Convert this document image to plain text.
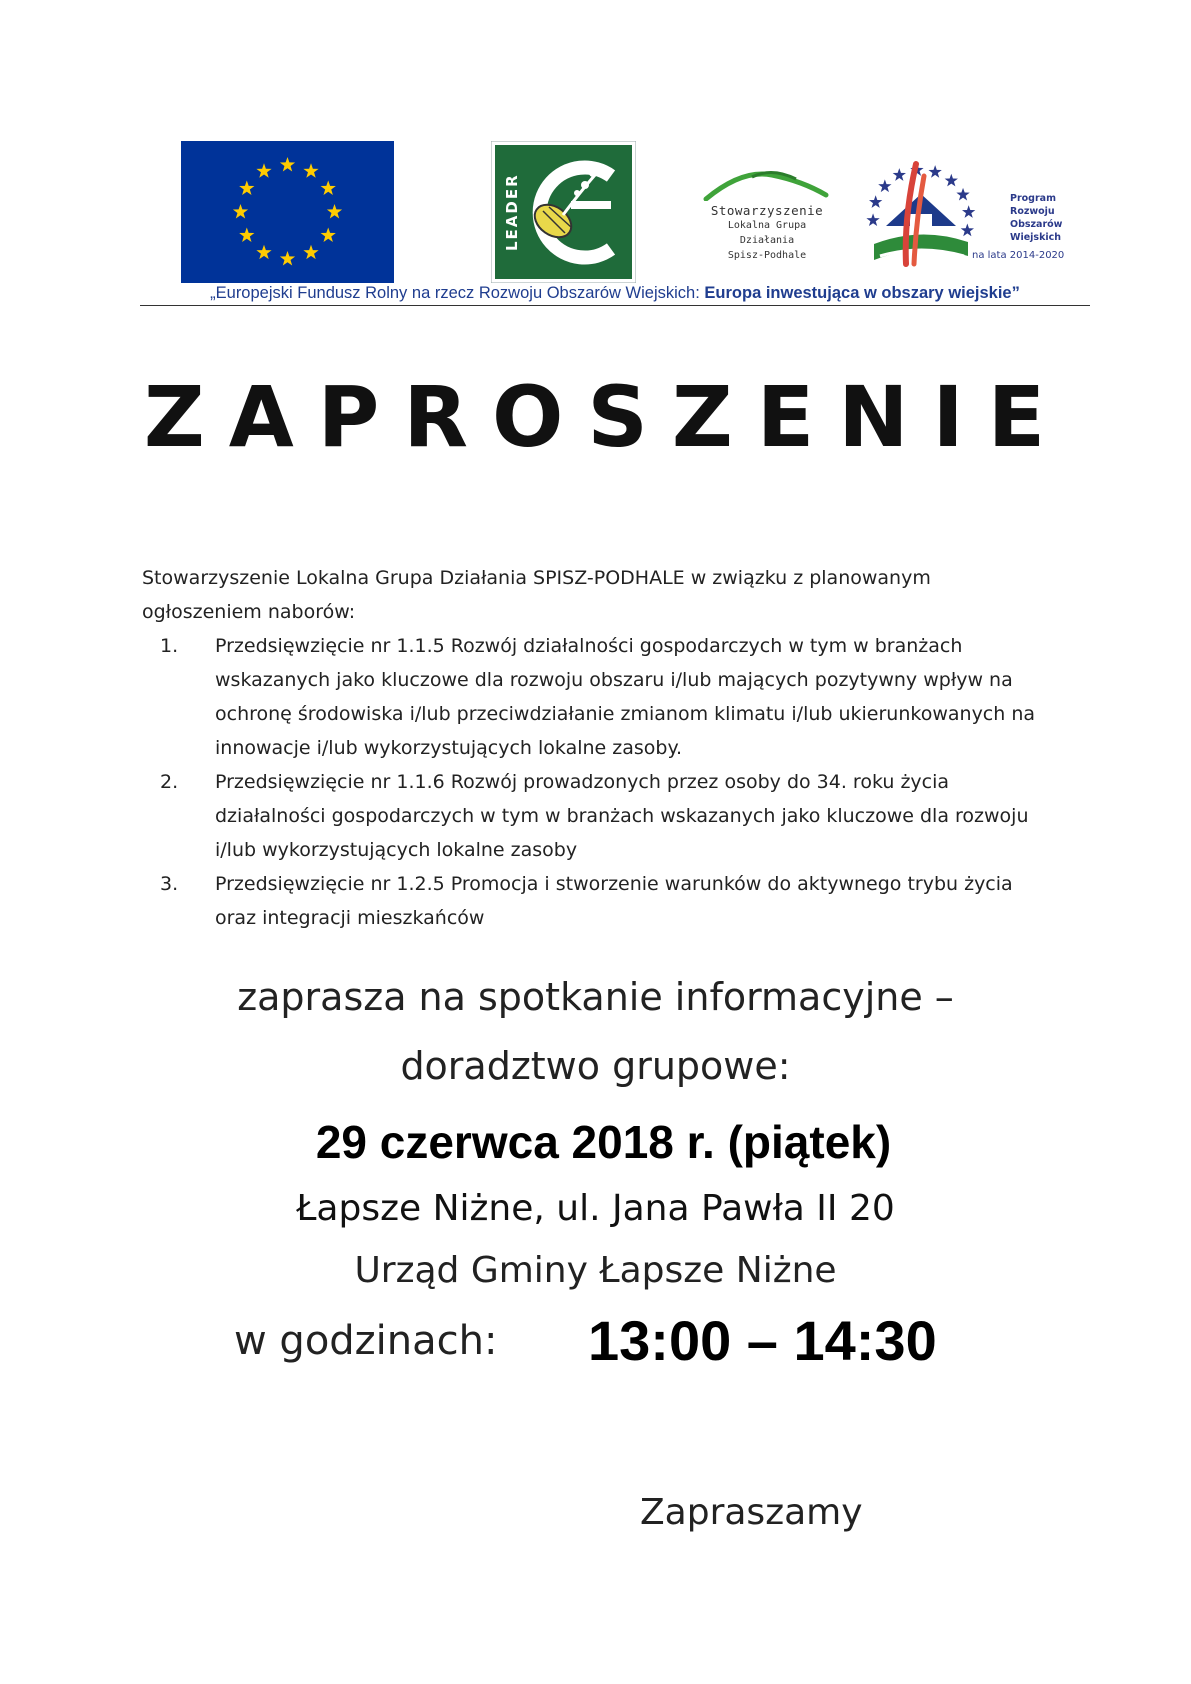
LEADER	Stowarzyszenie
Lokalna Grupa Działania
Spisz-Podhale
Program
Rozwoju
Obszarów
Wiejskich
na lata 2014-2020
„Europejski Fundusz Rolny na rzecz Rozwoju Obszarów Wiejskich: Europa inwestująca w obszary wiejskie”
ZAPROSZENIE
Stowarzyszenie Lokalna Grupa Działania SPISZ-PODHALE w związku z planowanym
ogłoszeniem naborów:
1. Przedsięwzięcie nr 1.1.5 Rozwój działalności gospodarczych w tym w branżach
wskazanych jako kluczowe dla rozwoju obszaru i/lub mających pozytywny wpływ na
ochronę środowiska i/lub przeciwdziałanie zmianom klimatu i/lub ukierunkowanych na
innowacje i/lub wykorzystujących lokalne zasoby.
2. Przedsięwzięcie nr 1.1.6 Rozwój prowadzonych przez osoby do 34. roku życia
działalności gospodarczych w tym w branżach wskazanych jako kluczowe dla rozwoju
i/lub wykorzystujących lokalne zasoby
3. Przedsięwzięcie nr 1.2.5 Promocja i stworzenie warunków do aktywnego trybu życia
oraz integracji mieszkańców
zaprasza na spotkanie informacyjne –
doradztwo grupowe:
29 czerwca 2018 r. (piątek)
Łapsze Niżne, ul. Jana Pawła II 20
Urząd Gminy Łapsze Niżne
w godzinach: 13:00 – 14:30
Zapraszamy
